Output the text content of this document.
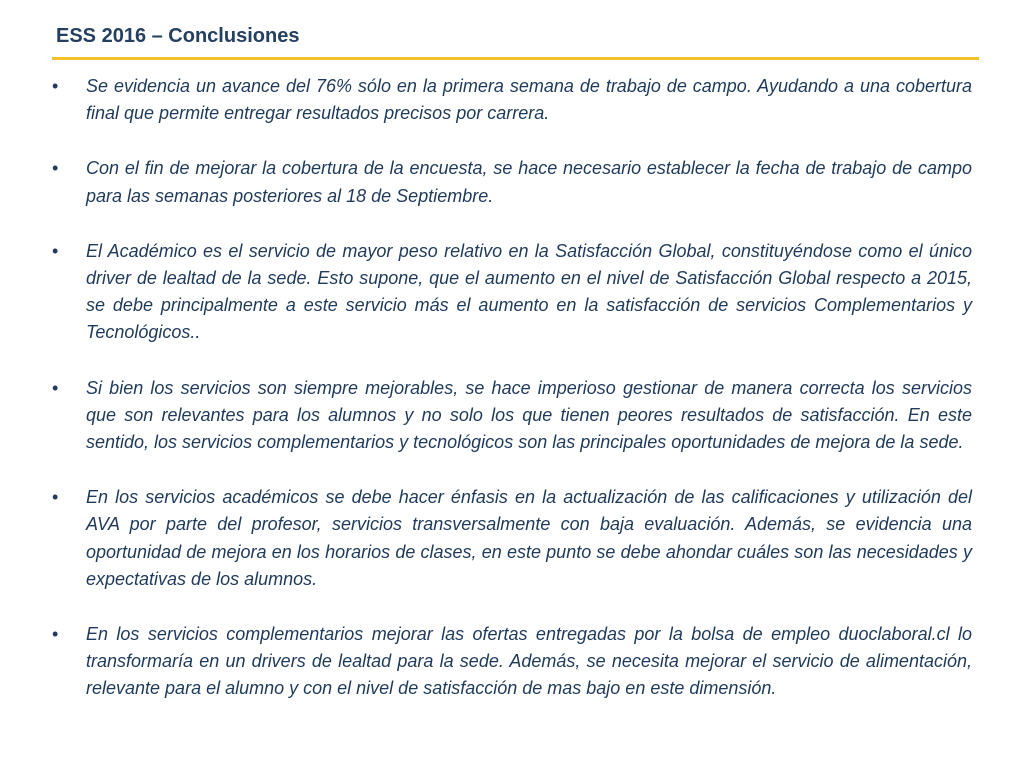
ESS 2016 – Conclusiones
• Se evidencia un avance del 76% sólo en la primera semana de trabajo de campo. Ayudando a una cobertura final que permite entregar resultados precisos por carrera.
• Con el fin de mejorar la cobertura de la encuesta, se hace necesario establecer la fecha de trabajo de campo para las semanas posteriores al 18 de Septiembre.
• El Académico es el servicio de mayor peso relativo en la Satisfacción Global, constituyéndose como el único driver de lealtad de la sede. Esto supone, que el aumento en el nivel de Satisfacción Global respecto a 2015, se debe principalmente a este servicio más el aumento en la satisfacción de servicios Complementarios y Tecnológicos..
• Si bien los servicios son siempre mejorables, se hace imperioso gestionar de manera correcta los servicios que son relevantes para los alumnos y no solo los que tienen peores resultados de satisfacción. En este sentido, los servicios complementarios y tecnológicos son las principales oportunidades de mejora de la sede.
• En los servicios académicos se debe hacer énfasis en la actualización de las calificaciones y utilización del AVA por parte del profesor, servicios transversalmente con baja evaluación. Además, se evidencia una oportunidad de mejora en los horarios de clases, en este punto se debe ahondar cuáles son las necesidades y expectativas de los alumnos.
• En los servicios complementarios mejorar las ofertas entregadas por la bolsa de empleo duoclaboral.cl lo transformaría en un drivers de lealtad para la sede. Además, se necesita mejorar el servicio de alimentación, relevante para el alumno y con el nivel de satisfacción de mas bajo en este dimensión.
